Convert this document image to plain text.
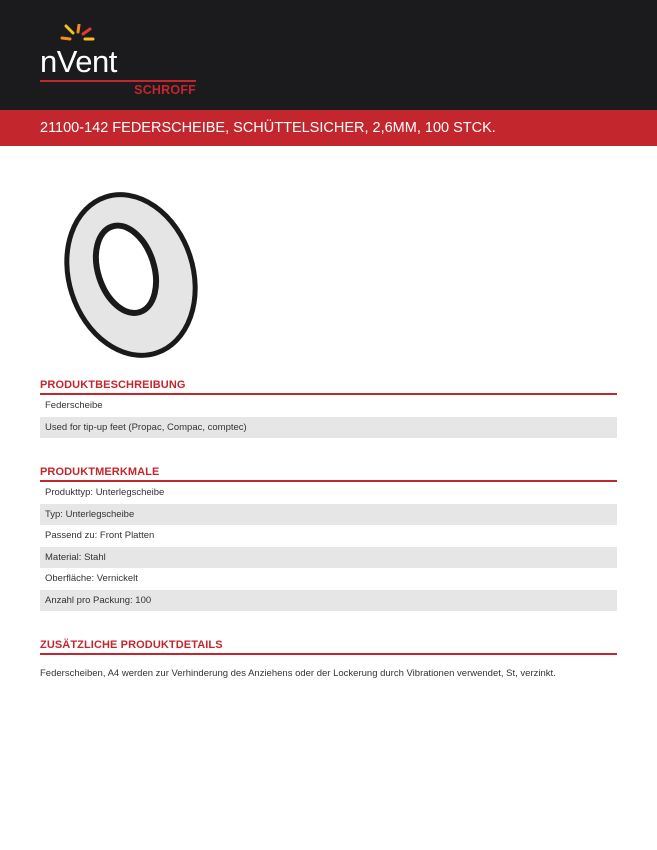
nVent
SCHROFF
21100-142 FEDERSCHEIBE, SCHÜTTELSICHER, 2,6MM, 100 STCK.
PRODUKTBESCHREIBUNG
Federscheibe
Used for tip-up feet (Propac, Compac, comptec)
PRODUKTMERKMALE
Produkttyp: Unterlegscheibe
Typ: Unterlegscheibe
Passend zu: Front Platten
Material: Stahl
Oberfläche: Vernickelt
Anzahl pro Packung: 100
ZUSÄTZLICHE PRODUKTDETAILS
Federscheiben, A4 werden zur Verhinderung des Anziehens oder der Lockerung durch Vibrationen verwendet, St, verzinkt.
